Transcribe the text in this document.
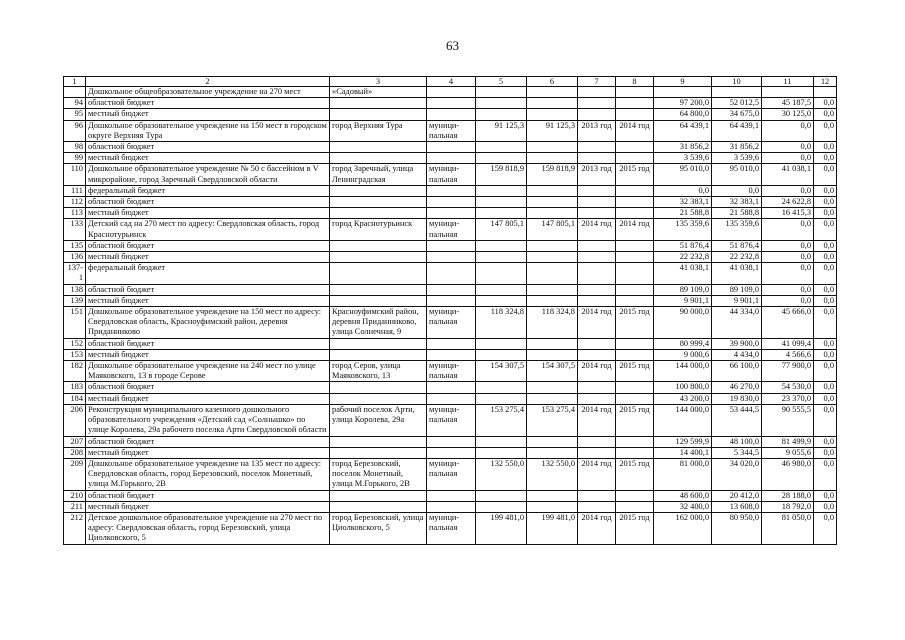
63
1	2	3	4	5	6	7	8	9	10	11	12
	Дошкольное общеобразовательное учреждение на 270 мест	«Садовый»									
94	областной бюджет							97 200,0	52 012,5	45 187,5	0,0
95	местный бюджет							64 800,0	34 675,0	30 125,0	0,0
96	Дошкольное образовательное учреждение на 150 мест в городском округе Верхняя Тура	город Верхняя Тура	муници-пальная	91 125,3	91 125,3	2013 год	2014 год	64 439,1	64 439,1	0,0	0,0
98	областной бюджет							31 856,2	31 856,2	0,0	0,0
99	местный бюджет							3 539,6	3 539,6	0,0	0,0
110	Дошкольное образовательное учреждение № 50 с бассейном в V микрорайоне, город Заречный Свердловской области	город Заречный, улица Ленинградская	муници-пальная	159 818,9	159 818,9	2013 год	2015 год	95 010,0	95 010,0	41 038,1	0,0
111	федеральный бюджет							0,0	0,0	0,0	0,0
112	областной бюджет							32 383,1	32 383,1	24 622,8	0,0
113	местный бюджет							21 588,8	21 588,8	16 415,3	0,0
133	Детский сад на 270 мест по адресу: Свердловская область, город Краснотурьинск	город Краснотурьинск	муници-пальная	147 805,1	147 805,1	2014 год	2014 год	135 359,6	135 359,6	0,0	0,0
135	областной бюджет							51 876,4	51 876,4	0,0	0,0
136	местный бюджет							22 232,8	22 232,8	0,0	0,0
137-1	федеральный бюджет							41 038,1	41 038,1	0,0	0,0
138	областной бюджет							89 109,0	89 109,0	0,0	0,0
139	местный бюджет							9 901,1	9 901,1	0,0	0,0
151	Дошкольное образовательное учреждение на 150 мест по адресу: Свердловская область, Красноуфимский район, деревня Приданниково	Красноуфимский район, деревня Приданниково, улица Солнечная, 9	муници-пальная	118 324,8	118 324,8	2014 год	2015 год	90 000,0	44 334,0	45 666,0	0,0
152	областной бюджет							80 999,4	39 900,0	41 099,4	0,0
153	местный бюджет							9 000,6	4 434,0	4 566,6	0,0
182	Дошкольное образовательное учреждение на 240 мест по улице Маяковского, 13 в городе Серове	город Серов, улица Маяковского, 13	муници-пальная	154 307,5	154 307,5	2014 год	2015 год	144 000,0	66 100,0	77 900,0	0,0
183	областной бюджет							100 800,0	46 270,0	54 530,0	0,0
184	местный бюджет							43 200,0	19 830,0	23 370,0	0,0
206	Реконструкция муниципального казенного дошкольного образовательного учреждения «Детский сад «Солнышко» по улице Королева, 29а рабочего поселка Арти Свердловской области	рабочий поселок Арти, улица Королева, 29а	муници-пальная	153 275,4	153 275,4	2014 год	2015 год	144 000,0	53 444,5	90 555,5	0,0
207	областной бюджет							129 599,9	48 100,0	81 499,9	0,0
208	местный бюджет							14 400,1	5 344,5	9 055,6	0,0
209	Дошкольное образовательное учреждение на 135 мест по адресу: Свердловская область, город Березовский, поселок Монетный, улица М.Горького, 2В	город Березовский, поселок Монетный, улица М.Горького, 2В	муници-пальная	132 550,0	132 550,0	2014 год	2015 год	81 000,0	34 020,0	46 980,0	0,0
210	областной бюджет							48 600,0	20 412,0	28 188,0	0,0
211	местный бюджет							32 400,0	13 608,0	18 792,0	0,0
212	Детское дошкольное образовательное учреждение на 270 мест по адресу: Свердловская область, город Березовский, улица Циолковского, 5	город Березовский, улица Циолковского, 5	муници-пальная	199 481,0	199 481,0	2014 год	2015 год	162 000,0	80 950,0	81 050,0	0,0
